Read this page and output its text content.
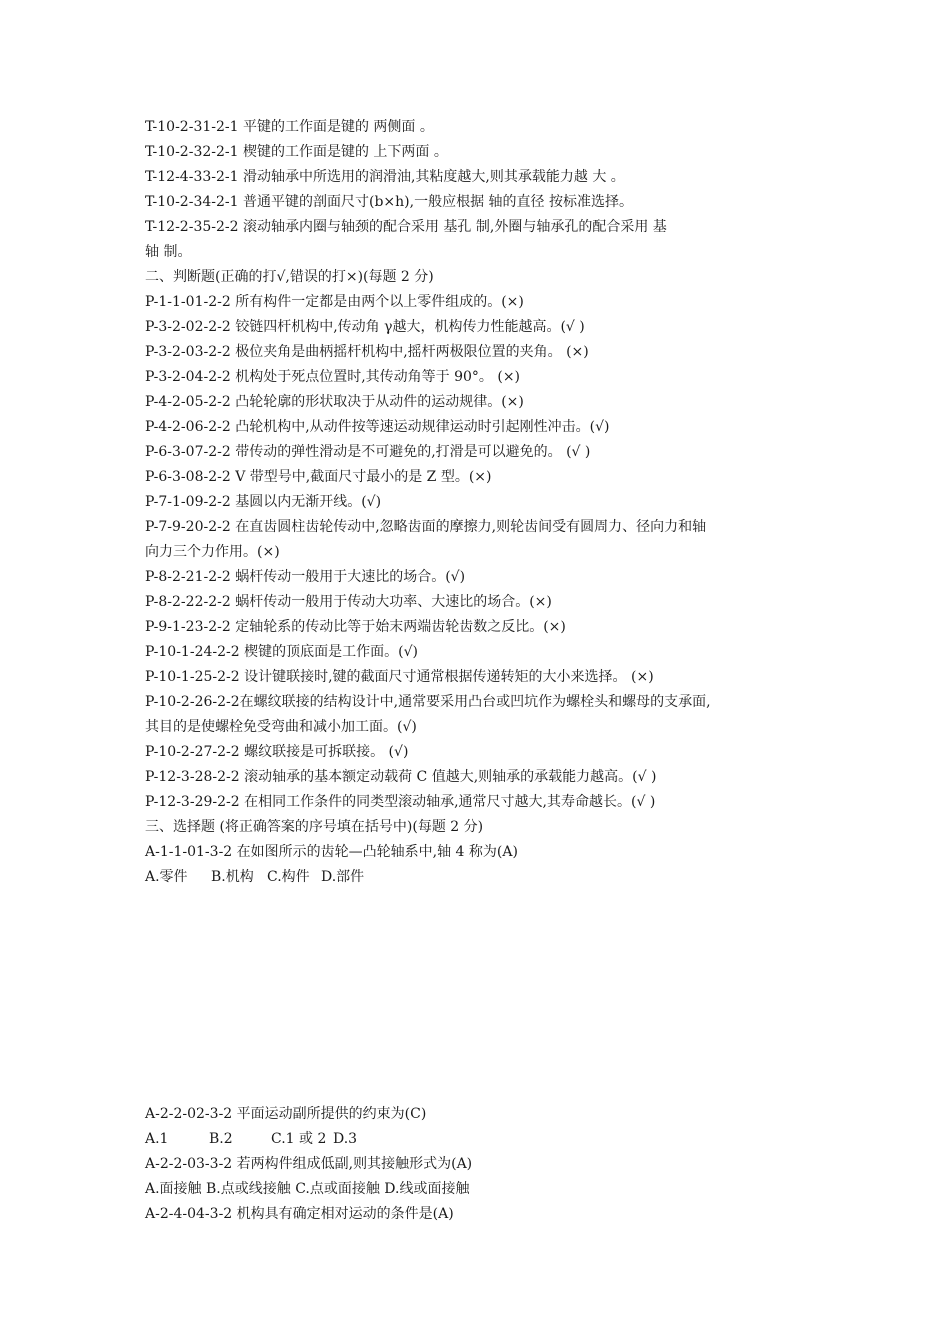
T-10-2-31-2-1 平键的工作面是键的 两侧面 。
T-10-2-32-2-1 楔键的工作面是键的 上下两面 。
T-12-4-33-2-1 滑动轴承中所选用的润滑油,其粘度越大,则其承载能力越 大 。
T-10-2-34-2-1 普通平键的剖面尺寸(b×h),一般应根据 轴的直径 按标准选择。
T-12-2-35-2-2 滚动轴承内圈与轴颈的配合采用 基孔 制,外圈与轴承孔的配合采用 基
轴 制。
二、判断题(正确的打√,错误的打×)(每题 2 分)
P-1-1-01-2-2 所有构件一定都是由两个以上零件组成的。(×)
P-3-2-02-2-2 铰链四杆机构中,传动角 γ越大，机构传力性能越高。(√ )
P-3-2-03-2-2 极位夹角是曲柄摇杆机构中,摇杆两极限位置的夹角。 (×)
P-3-2-04-2-2 机构处于死点位置时,其传动角等于 90°。 (×)
P-4-2-05-2-2 凸轮轮廓的形状取决于从动件的运动规律。(×)
P-4-2-06-2-2 凸轮机构中,从动件按等速运动规律运动时引起刚性冲击。(√)
P-6-3-07-2-2 带传动的弹性滑动是不可避免的,打滑是可以避免的。 (√ )
P-6-3-08-2-2 V 带型号中,截面尺寸最小的是 Z 型。(×)
P-7-1-09-2-2 基圆以内无渐开线。(√)
P-7-9-20-2-2 在直齿圆柱齿轮传动中,忽略齿面的摩擦力,则轮齿间受有圆周力、径向力和轴
向力三个力作用。(×)
P-8-2-21-2-2 蜗杆传动一般用于大速比的场合。(√)
P-8-2-22-2-2 蜗杆传动一般用于传动大功率、大速比的场合。(×)
P-9-1-23-2-2 定轴轮系的传动比等于始末两端齿轮齿数之反比。(×)
P-10-1-24-2-2 楔键的顶底面是工作面。(√)
P-10-1-25-2-2 设计键联接时,键的截面尺寸通常根据传递转矩的大小来选择。 (×)
P-10-2-26-2-2在螺纹联接的结构设计中,通常要采用凸台或凹坑作为螺栓头和螺母的支承面,
其目的是使螺栓免受弯曲和减小加工面。(√)
P-10-2-27-2-2 螺纹联接是可拆联接。 (√)
P-12-3-28-2-2 滚动轴承的基本额定动载荷 C 值越大,则轴承的承载能力越高。(√ )
P-12-3-29-2-2 在相同工作条件的同类型滚动轴承,通常尺寸越大,其寿命越长。(√ )
三、选择题 (将正确答案的序号填在括号中)(每题 2 分)
A-1-1-01-3-2 在如图所示的齿轮—凸轮轴系中,轴 4 称为(A)
A.零件 B.机构 C.构件 D.部件
A-2-2-02-3-2 平面运动副所提供的约束为(C)
A.1	B.2	C.1 或 2 D.3
A-2-2-03-3-2 若两构件组成低副,则其接触形式为(A)
A.面接触 B.点或线接触 C.点或面接触 D.线或面接触
A-2-4-04-3-2 机构具有确定相对运动的条件是(A)
